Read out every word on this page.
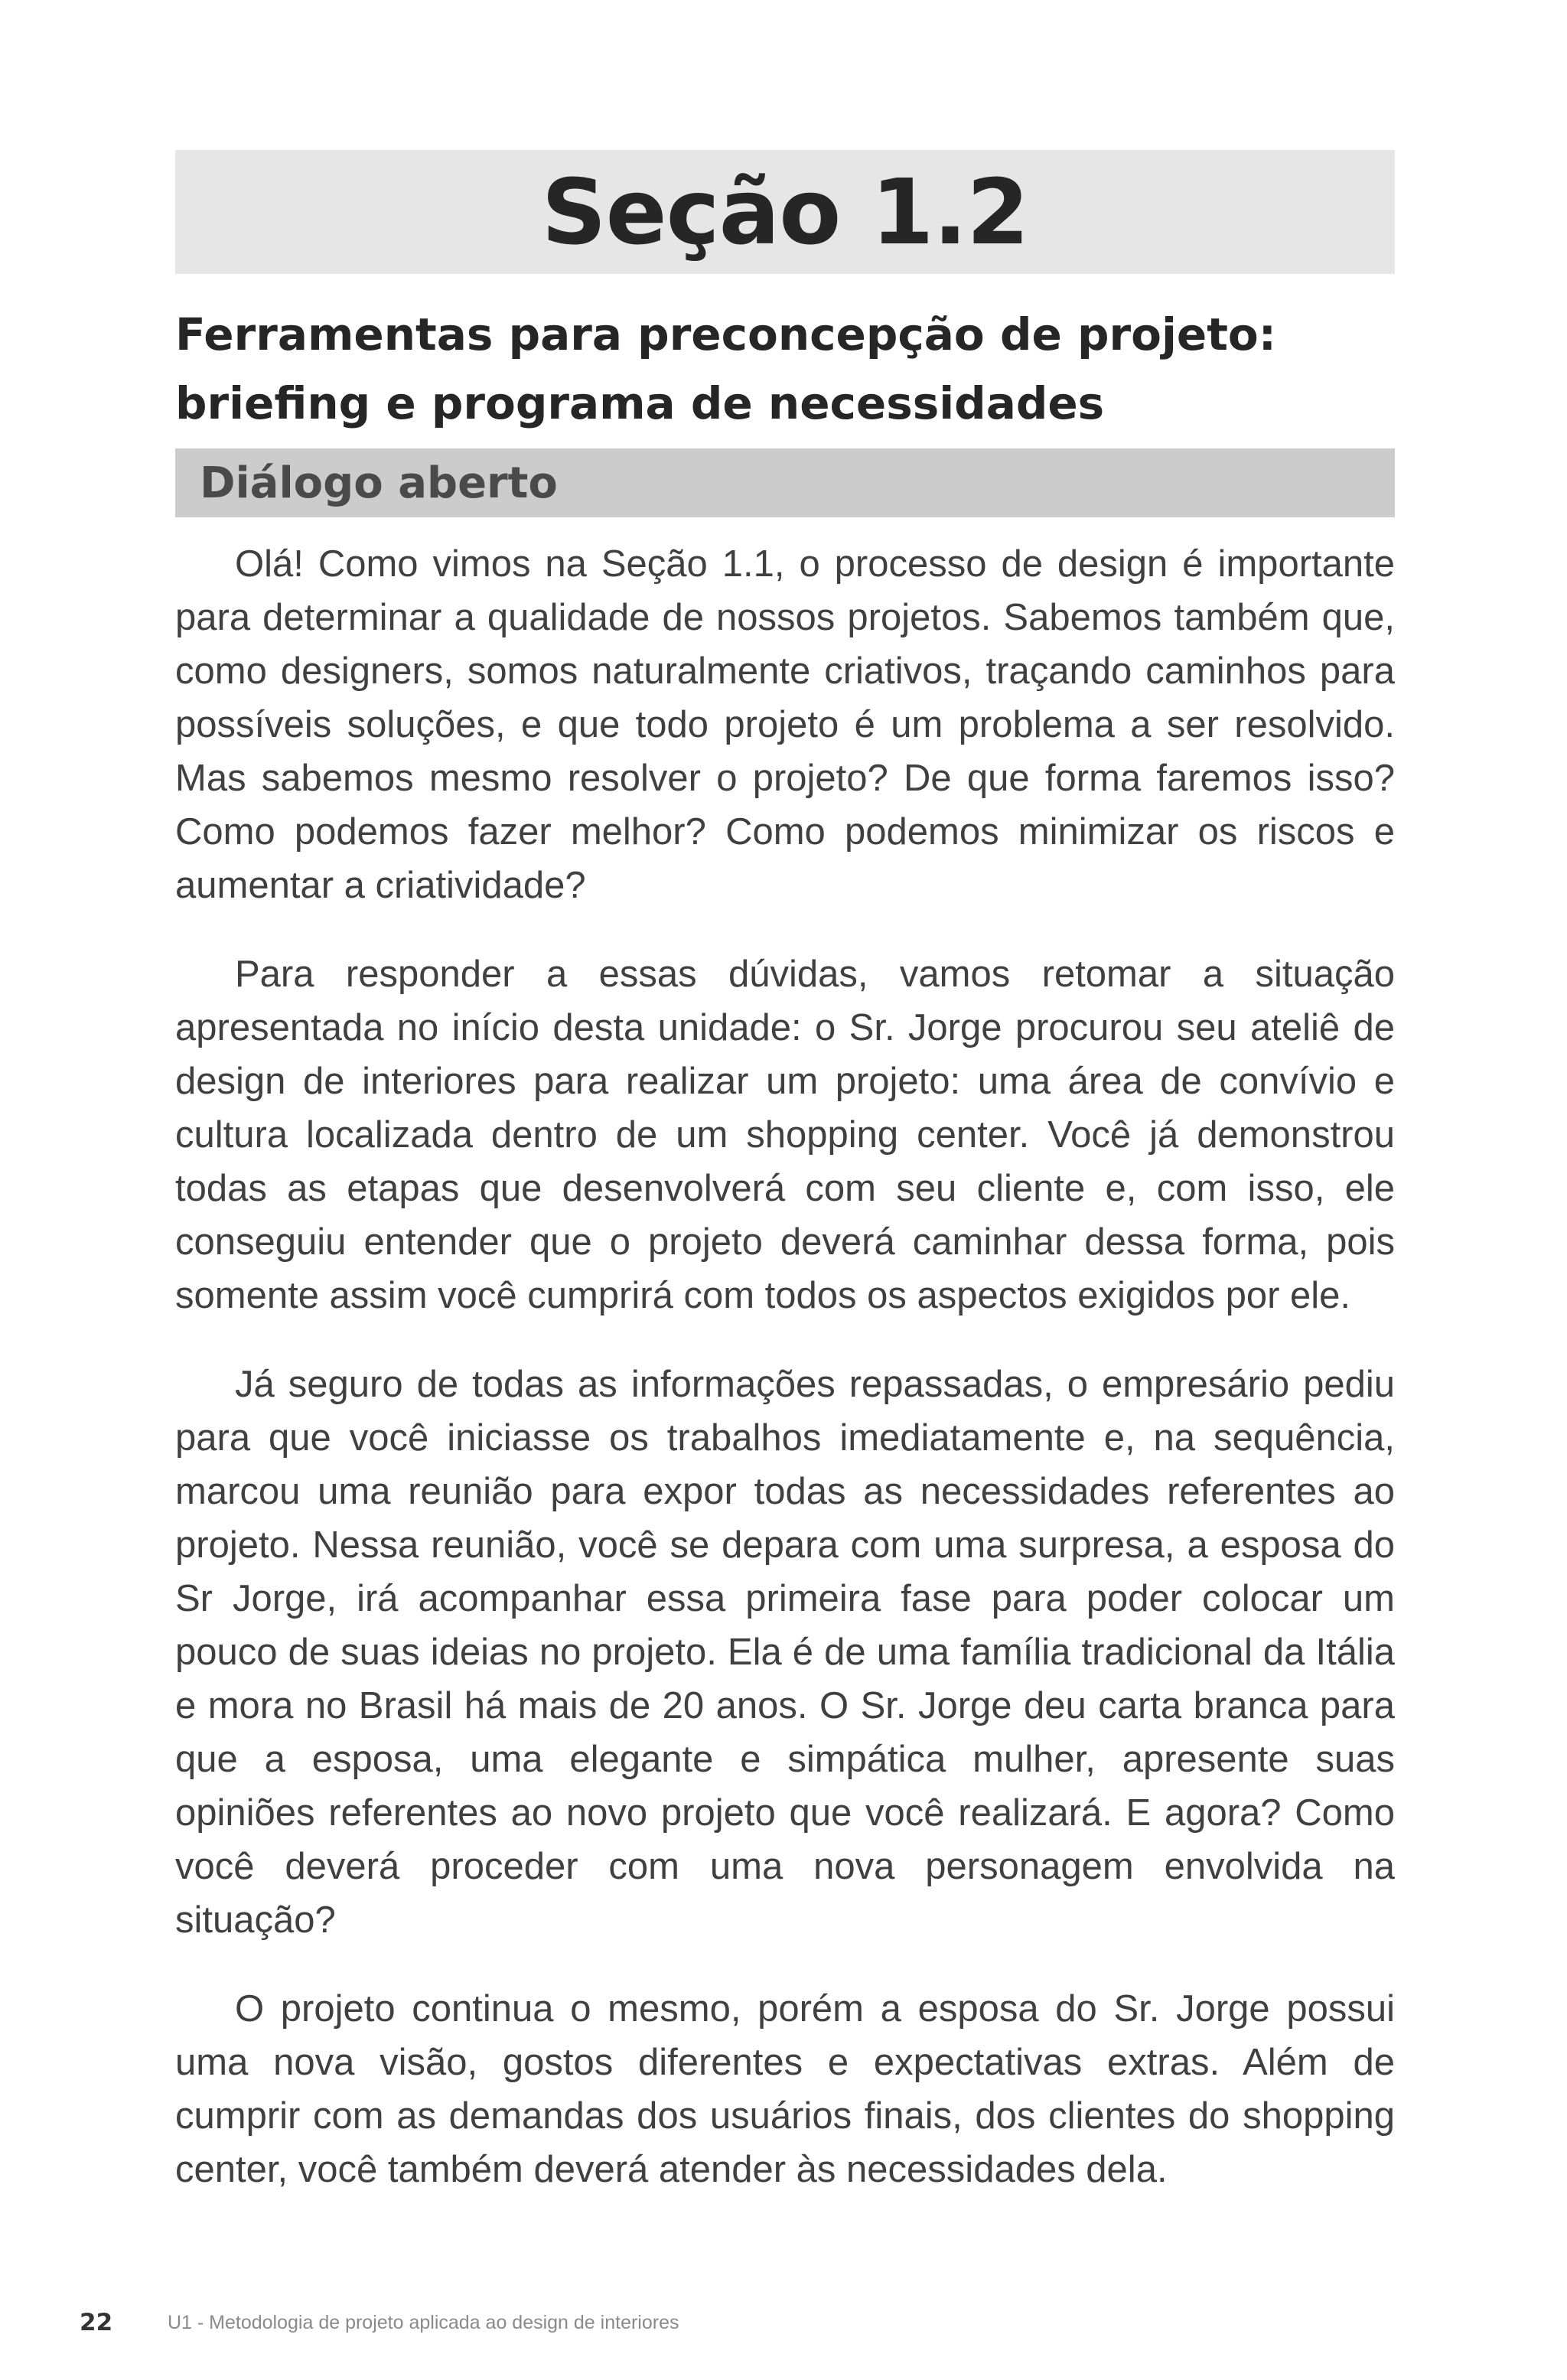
Seção 1.2
Ferramentas para preconcepção de projeto:
briefing e programa de necessidades
Diálogo aberto

Olá! Como vimos na Seção 1.1, o processo de design é importante para determinar a qualidade de nossos projetos. Sabemos também que, como designers, somos naturalmente criativos, traçando caminhos para possíveis soluções, e que todo projeto é um problema a ser resolvido. Mas sabemos mesmo resolver o projeto? De que forma faremos isso? Como podemos fazer melhor? Como podemos minimizar os riscos e aumentar a criatividade?

Para responder a essas dúvidas, vamos retomar a situação apresentada no início desta unidade: o Sr. Jorge procurou seu ateliê de design de interiores para realizar um projeto: uma área de convívio e cultura localizada dentro de um shopping center. Você já demonstrou todas as etapas que desenvolverá com seu cliente e, com isso, ele conseguiu entender que o projeto deverá caminhar dessa forma, pois somente assim você cumprirá com todos os aspectos exigidos por ele.

Já seguro de todas as informações repassadas, o empresário pediu para que você iniciasse os trabalhos imediatamente e, na sequência, marcou uma reunião para expor todas as necessidades referentes ao projeto. Nessa reunião, você se depara com uma surpresa, a esposa do Sr Jorge, irá acompanhar essa primeira fase para poder colocar um pouco de suas ideias no projeto. Ela é de uma família tradicional da Itália e mora no Brasil há mais de 20 anos. O Sr. Jorge deu carta branca para que a esposa, uma elegante e simpática mulher, apresente suas opiniões referentes ao novo projeto que você realizará. E agora? Como você deverá proceder com uma nova personagem envolvida na situação?

O projeto continua o mesmo, porém a esposa do Sr. Jorge possui uma nova visão, gostos diferentes e expectativas extras. Além de cumprir com as demandas dos usuários finais, dos clientes do shopping center, você também deverá atender às necessidades dela.

22	U1 - Metodologia de projeto aplicada ao design de interiores
